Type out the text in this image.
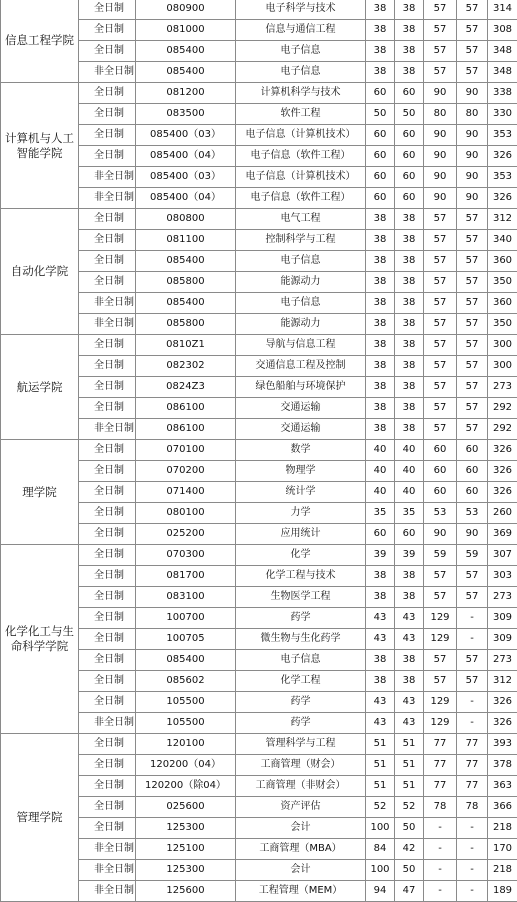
信息工程学院	全日制	080900	电子科学与技术	38	38	57	57	314
	全日制	081000	信息与通信工程	38	38	57	57	308
	全日制	085400	电子信息	38	38	57	57	348
	非全日制	085400	电子信息	38	38	57	57	348
计算机与人工智能学院	全日制	081200	计算机科学与技术	60	60	90	90	338
	全日制	083500	软件工程	50	50	80	80	330
	全日制	085400（03）	电子信息（计算机技术）	60	60	90	90	353
	全日制	085400（04）	电子信息（软件工程）	60	60	90	90	326
	非全日制	085400（03）	电子信息（计算机技术）	60	60	90	90	353
	非全日制	085400（04）	电子信息（软件工程）	60	60	90	90	326
自动化学院	全日制	080800	电气工程	38	38	57	57	312
	全日制	081100	控制科学与工程	38	38	57	57	340
	全日制	085400	电子信息	38	38	57	57	360
	全日制	085800	能源动力	38	38	57	57	350
	非全日制	085400	电子信息	38	38	57	57	360
	非全日制	085800	能源动力	38	38	57	57	350
航运学院	全日制	0810Z1	导航与信息工程	38	38	57	57	300
	全日制	082302	交通信息工程及控制	38	38	57	57	300
	全日制	0824Z3	绿色船舶与环境保护	38	38	57	57	273
	全日制	086100	交通运输	38	38	57	57	292
	非全日制	086100	交通运输	38	38	57	57	292
理学院	全日制	070100	数学	40	40	60	60	326
	全日制	070200	物理学	40	40	60	60	326
	全日制	071400	统计学	40	40	60	60	326
	全日制	080100	力学	35	35	53	53	260
	全日制	025200	应用统计	60	60	90	90	369
化学化工与生命科学学院	全日制	070300	化学	39	39	59	59	307
	全日制	081700	化学工程与技术	38	38	57	57	303
	全日制	083100	生物医学工程	38	38	57	57	273
	全日制	100700	药学	43	43	129	-	309
	全日制	100705	微生物与生化药学	43	43	129	-	309
	全日制	085400	电子信息	38	38	57	57	273
	全日制	085602	化学工程	38	38	57	57	312
	全日制	105500	药学	43	43	129	-	326
	非全日制	105500	药学	43	43	129	-	326
管理学院	全日制	120100	管理科学与工程	51	51	77	77	393
	全日制	120200（04）	工商管理（财会）	51	51	77	77	378
	全日制	120200（除04）	工商管理（非财会）	51	51	77	77	363
	全日制	025600	资产评估	52	52	78	78	366
	全日制	125300	会计	100	50	-	-	218
	非全日制	125100	工商管理（MBA）	84	42	-	-	170
	非全日制	125300	会计	100	50	-	-	218
	非全日制	125600	工程管理（MEM）	94	47	-	-	189
